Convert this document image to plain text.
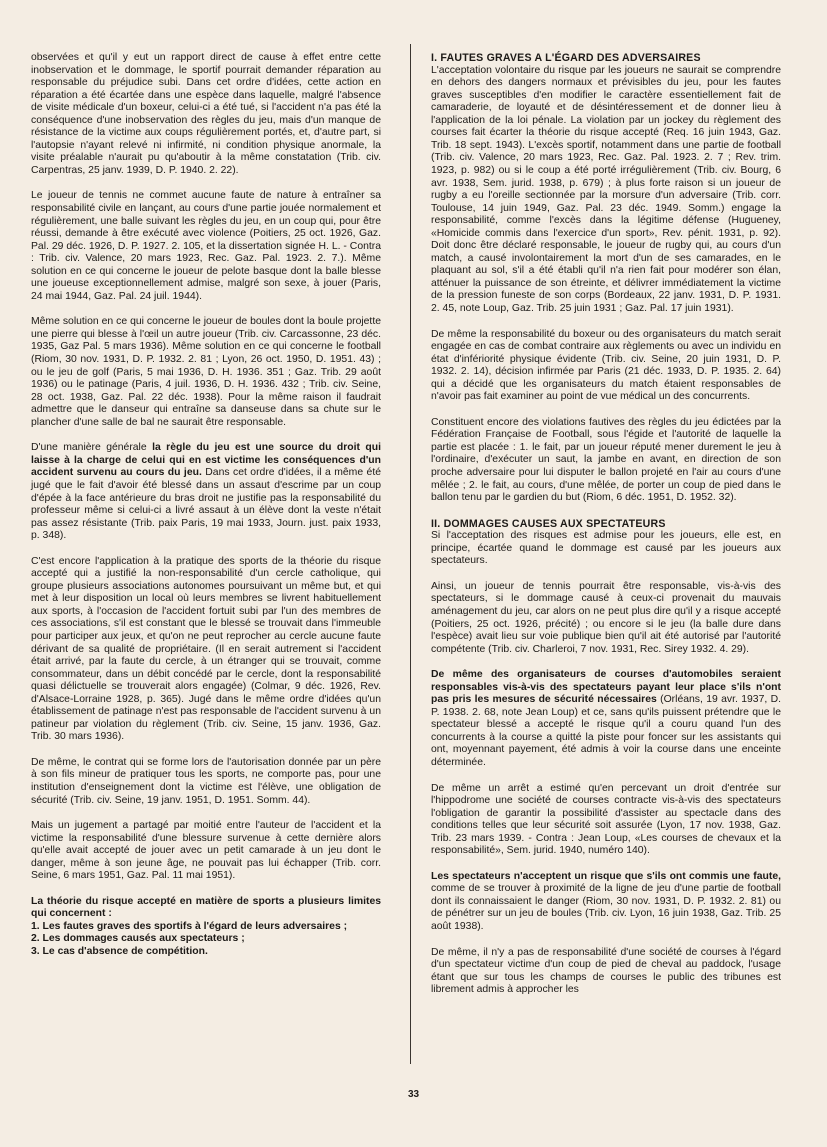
observées et qu'il y eut un rapport direct de cause à effet entre cette inobservation et le dommage, le sportif pourrait demander réparation au responsable du préjudice subi. Dans cet ordre d'idées, cette action en réparation a été écartée dans une espèce dans laquelle, malgré l'absence de visite médicale d'un boxeur, celui-ci a été tué, si l'accident n'a pas été la conséquence d'une inobservation des règles du jeu, mais d'un manque de résistance de la victime aux coups régulièrement portés, et, d'autre part, si l'autopsie n'ayant relevé ni infirmité, ni condition physique anormale, la visite préalable n'aurait pu qu'aboutir à la même constatation (Trib. civ. Carpentras, 25 janv. 1939, D. P. 1940. 2. 22).

Le joueur de tennis ne commet aucune faute de nature à entraîner sa responsabilité civile en lançant, au cours d'une partie jouée normalement et régulièrement, une balle suivant les règles du jeu, en un coup qui, pour être réussi, demande à être exécuté avec violence (Poitiers, 25 oct. 1926, Gaz. Pal. 29 déc. 1926, D. P. 1927. 2. 105, et la dissertation signée H. L. - Contra : Trib. civ. Valence, 20 mars 1923, Rec. Gaz. Pal. 1923. 2. 7.). Même solution en ce qui concerne le joueur de pelote basque dont la balle blesse une joueuse exceptionnellement admise, malgré son sexe, à jouer (Paris, 24 mai 1944, Gaz. Pal. 24 juil. 1944).

Même solution en ce qui concerne le joueur de boules dont la boule projette une pierre qui blesse à l'œil un autre joueur (Trib. civ. Carcassonne, 23 déc. 1935, Gaz Pal. 5 mars 1936). Même solution en ce qui concerne le football (Riom, 30 nov. 1931, D. P. 1932. 2. 81 ; Lyon, 26 oct. 1950, D. 1951. 43) ; ou le jeu de golf (Paris, 5 mai 1936, D. H. 1936. 351 ; Gaz. Trib. 29 août 1936) ou le patinage (Paris, 4 juil. 1936, D. H. 1936. 432 ; Trib. civ. Seine, 28 oct. 1938, Gaz. Pal. 22 déc. 1938). Pour la même raison il faudrait admettre que le danseur qui entraîne sa danseuse dans sa chute sur le plancher d'une salle de bal ne saurait être responsable.

D'une manière générale la règle du jeu est une source du droit qui laisse à la charge de celui qui en est victime les conséquences d'un accident survenu au cours du jeu. Dans cet ordre d'idées, il a même été jugé que le fait d'avoir été blessé dans un assaut d'escrime par un coup d'épée à la face antérieure du bras droit ne justifie pas la responsabilité du professeur même si celui-ci a livré assaut à un élève dont la veste n'était pas assez résistante (Trib. paix Paris, 19 mai 1933, Journ. just. paix 1933, p. 348).

C'est encore l'application à la pratique des sports de la théorie du risque accepté qui a justifié la non-responsabilité d'un cercle catholique, qui groupe plusieurs associations autonomes poursuivant un même but, et qui met à leur disposition un local où leurs membres se livrent habituellement aux sports, à l'occasion de l'accident fortuit subi par l'un des membres de ces associations, s'il est constant que le blessé se trouvait dans l'immeuble pour participer aux jeux, et qu'on ne peut reprocher au cercle aucune faute dérivant de sa qualité de propriétaire. (Il en serait autrement si l'accident était arrivé, par la faute du cercle, à un étranger qui se trouvait, comme consommateur, dans un débit concédé par le cercle, dont la responsabilité quasi délictuelle se trouverait alors engagée) (Colmar, 9 déc. 1926, Rev. d'Alsace-Lorraine 1928, p. 365). Jugé dans le même ordre d'idées qu'un établissement de patinage n'est pas responsable de l'accident survenu à un patineur par violation du règlement (Trib. civ. Seine, 15 janv. 1936, Gaz. Trib. 30 mars 1936).

De même, le contrat qui se forme lors de l'autorisation donnée par un père à son fils mineur de pratiquer tous les sports, ne comporte pas, pour une institution d'enseignement dont la victime est l'élève, une obligation de sécurité (Trib. civ. Seine, 19 janv. 1951, D. 1951. Somm. 44).

Mais un jugement a partagé par moitié entre l'auteur de l'accident et la victime la responsabilité d'une blessure survenue à cette dernière alors qu'elle avait accepté de jouer avec un petit camarade à un jeu dont le danger, même à son jeune âge, ne pouvait pas lui échapper (Trib. corr. Seine, 6 mars 1951, Gaz. Pal. 11 mai 1951).

La théorie du risque accepté en matière de sports a plusieurs limites qui concernent :

1. Les fautes graves des sportifs à l'égard de leurs adversaires ;
2. Les dommages causés aux spectateurs ;
3. Le cas d'absence de compétition.
I. FAUTES GRAVES A L'ÉGARD DES ADVERSAIRES

L'acceptation volontaire du risque par les joueurs ne saurait se comprendre en dehors des dangers normaux et prévisibles du jeu, pour les fautes graves susceptibles d'en modifier le caractère essentiellement fait de camaraderie, de loyauté et de désintéressement et de donner lieu à l'application de la loi pénale. La violation par un jockey du règlement des courses fait écarter la théorie du risque accepté (Req. 16 juin 1943, Gaz. Trib. 18 sept. 1943). L'excès sportif, notamment dans une partie de football (Trib. civ. Valence, 20 mars 1923, Rec. Gaz. Pal. 1923. 2. 7 ; Rev. trim. 1923, p. 982) ou si le coup a été porté irrégulièrement (Trib. civ. Bourg, 6 avr. 1938, Sem. jurid. 1938, p. 679) ; à plus forte raison si un joueur de rugby a eu l'oreille sectionnée par la morsure d'un adversaire (Trib. corr. Toulouse, 14 juin 1949, Gaz. Pal. 23 déc. 1949. Somm.) engage la responsabilité, comme l'excès dans la légitime défense (Hugueney, «Homicide commis dans l'exercice d'un sport», Rev. pénit. 1931, p. 92). Doit donc être déclaré responsable, le joueur de rugby qui, au cours d'un match, a causé involontairement la mort d'un de ses camarades, en le plaquant au sol, s'il a été établi qu'il n'a rien fait pour modérer son élan, atténuer la puissance de son étreinte, et délivrer immédiatement la victime de la pression funeste de son corps (Bordeaux, 22 janv. 1931, D. P. 1931. 2. 45, note Loup, Gaz. Trib. 25 juin 1931 ; Gaz. Pal. 17 juin 1931).

De même la responsabilité du boxeur ou des organisateurs du match serait engagée en cas de combat contraire aux règlements ou avec un individu en état d'infériorité physique évidente (Trib. civ. Seine, 20 juin 1931, D. P. 1932. 2. 14), décision infirmée par Paris (21 déc. 1933, D. P. 1935. 2. 64) qui a décidé que les organisateurs du match étaient responsables de n'avoir pas fait examiner au point de vue médical un des concurrents.

Constituent encore des violations fautives des règles du jeu édictées par la Fédération Française de Football, sous l'égide et l'autorité de laquelle la partie est placée : 1. le fait, par un joueur réputé mener durement le jeu à l'ordinaire, d'exécuter un saut, la jambe en avant, en direction de son proche adversaire pour lui disputer le ballon projeté en l'air au cours d'une mêlée ; 2. le fait, au cours, d'une mêlée, de porter un coup de pied dans le ballon tenu par le gardien du but (Riom, 6 déc. 1951, D. 1952. 32).

II. DOMMAGES CAUSES AUX SPECTATEURS

Si l'acceptation des risques est admise pour les joueurs, elle est, en principe, écartée quand le dommage est causé par les joueurs aux spectateurs.

Ainsi, un joueur de tennis pourrait être responsable, vis-à-vis des spectateurs, si le dommage causé à ceux-ci provenait du mauvais aménagement du jeu, car alors on ne peut plus dire qu'il y a risque accepté (Poitiers, 25 oct. 1926, précité) ; ou encore si le jeu (la balle dure dans l'espèce) avait lieu sur voie publique bien qu'il ait été autorisé par l'autorité compétente (Trib. civ. Charleroi, 7 nov. 1931, Rec. Sirey 1932. 4. 29).

De même des organisateurs de courses d'automobiles seraient responsables vis-à-vis des spectateurs payant leur place s'ils n'ont pas pris les mesures de sécurité nécessaires (Orléans, 19 avr. 1937, D. P. 1938. 2. 68, note Jean Loup) et ce, sans qu'ils puissent prétendre que le spectateur blessé a accepté le risque qu'il a couru quand l'un des concurrents à la course a quitté la piste pour foncer sur les assistants qui ont, moyennant payement, été admis à voir la course dans une enceinte déterminée.

De même un arrêt a estimé qu'en percevant un droit d'entrée sur l'hippodrome une société de courses contracte vis-à-vis des spectateurs l'obligation de garantir la possibilité d'assister au spectacle dans des conditions telles que leur sécurité soit assurée (Lyon, 17 nov. 1938, Gaz. Trib. 23 mars 1939. - Contra : Jean Loup, «Les courses de chevaux et la responsabilité», Sem. jurid. 1940, numéro 140).

Les spectateurs n'acceptent un risque que s'ils ont commis une faute, comme de se trouver à proximité de la ligne de jeu d'une partie de football dont ils connaissaient le danger (Riom, 30 nov. 1931, D. P. 1932. 2. 81) ou de pénétrer sur un jeu de boules (Trib. civ. Lyon, 16 juin 1938, Gaz. Trib. 25 août 1938).

De même, il n'y a pas de responsabilité d'une société de courses à l'égard d'un spectateur victime d'un coup de pied de cheval au paddock, l'usage étant que sur tous les champs de courses le public des tribunes est librement admis à approcher les

33
